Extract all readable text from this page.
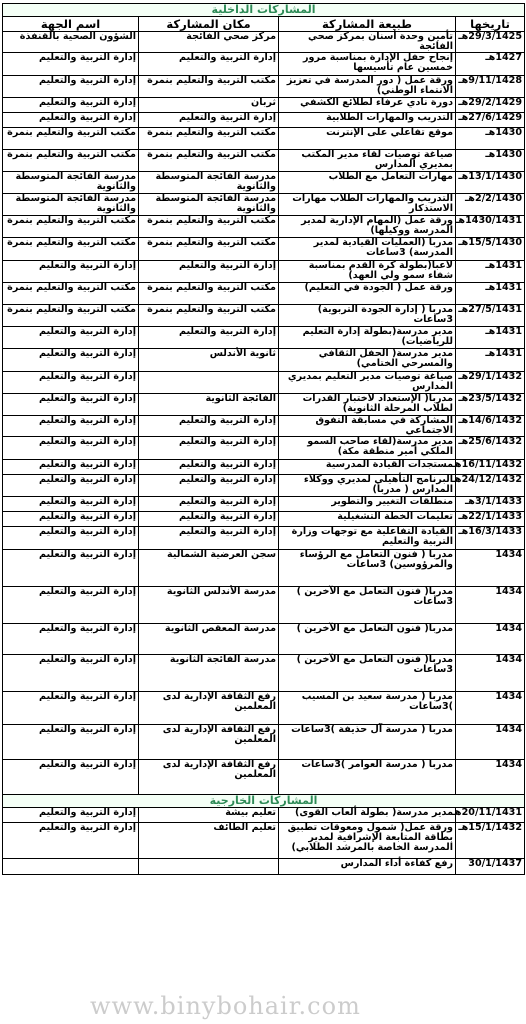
المشاركات الداخلية			
تاريخها	طبيعة المشاركة	مكان المشاركة	اسم الجهة
29/3/1425هـ	تأمين وحدة أسنان بمركز صحي الفائجة	مركز صحي الفائجة	الشؤون الصحية بالقنفذة
1427هـ	إنجاح حفل الإدارة بمناسبة مرور خمسين عام تأسيسها	إدارة التربية والتعليم	إدارة التربية والتعليم
9/11/1428هـ	ورقة عمل ( دور المدرسة في تعزيز الانتماء الوطني)	مكتب التربية والتعليم بنمرة	إدارة التربية والتعليم
29/2/1429هـ	دورة نادي عرفاء لطلائع الكشفي	ثربان	إدارة التربية والتعليم
27/6/1429هـ	التدريب والمهارات الطلابية	إدارة التربية والتعليم	إدارة التربية والتعليم
1430هـ	موقع تفاعلي على الإنترنت	مكتب التربية والتعليم بنمرة	مكتب التربية والتعليم بنمرة
1430هـ	صياغة توصيات لقاء مدير المكتب بمديري المدارس	مكتب التربية والتعليم بنمرة	مكتب التربية والتعليم بنمرة
13/1/1430هـ	مهارات التعامل مع الطلاب	مدرسة الفائجة المتوسطة والثانوية	مدرسة الفائجة المتوسطة والثانوية
2/2/1430هـ	التدريب والمهارات الطلاب مهارات الاستذكار	مدرسة الفائجة المتوسطة والثانوية	مدرسة الفائجة المتوسطة والثانوية
1430/1431هـ	ورقة عمل (المهام الإدارية لمدير المدرسة ووكيلها)	مكتب التربية والتعليم بنمرة	مكتب التربية والتعليم بنمرة
15/5/1430هـ	مدربا (العمليات القيادية لمدير المدرسة) 3ساعات	مكتب التربية والتعليم بنمرة	مكتب التربية والتعليم بنمرة
1431هـ	لاعبا(بطولة كرة القدم بمناسبة شفاء سمو ولي العهد)	إدارة التربية والتعليم	إدارة التربية والتعليم
1431هـ	ورقة عمل ( الجودة في التعليم)	مكتب التربية والتعليم بنمرة	مكتب التربية والتعليم بنمرة
27/5/1431هـ	مدربا ( إدارة الجودة التربوية) 3ساعات	مكتب التربية والتعليم بنمرة	مكتب التربية والتعليم بنمرة
1431هـ	مدير مدرسة(بطولة إدارة التعليم للرياضيات)	إدارة التربية والتعليم	إدارة التربية والتعليم
1431هـ	مدير مدرسة( الحفل الثقافي والمسرحي الختامي)	ثانوية الأندلس	إدارة التربية والتعليم
29/1/1432هـ	صياغة توصيات مدير التعليم بمديري المدارس		إدارة التربية والتعليم
23/5/1432هـ	مدربا( الإستعداد لاختبار القدرات لطلاب المرحلة الثانوية)	الفائجة الثانوية	إدارة التربية والتعليم
14/6/1432هـ	المشاركة في مسابقة التفوق الاجتماعي	إدارة التربية والتعليم	إدارة التربية والتعليم
25/6/1432هـ	مدير مدرسة(لقاء صاحب السمو الملكي أمير منطقة مكة)	إدارة التربية والتعليم	إدارة التربية والتعليم
16/11/1432هـ	مستجدات القيادة المدرسية	إدارة التربية والتعليم	إدارة التربية والتعليم
24/12/1432هـ	البرنامج التأهيلي لمديري ووكلاء المدارس ( مدربا)	إدارة التربية والتعليم	إدارة التربية والتعليم
3/1/1433هـ	منطلقات التغيير والتطوير	إدارة التربية والتعليم	إدارة التربية والتعليم
22/1/1433هـ	تعليمات الخطة التشغيلية	إدارة التربية والتعليم	إدارة التربية والتعليم
16/3/1433هـ	القيادة التفاعلية مع توجهات وزارة التربية والتعليم	إدارة التربية والتعليم	إدارة التربية والتعليم
1434	مدربا ( فنون التعامل مع الرؤساء والمرؤوسين) 3ساعات	سجن العرضية الشمالية	إدارة التربية والتعليم
1434	مدربا( فنون التعامل مع الآخرين ) 3ساعات	مدرسة الأندلس الثانوية	إدارة التربية والتعليم
1434	مدربا( فنون التعامل مع الآخرين )	مدرسة المعقص الثانوية	إدارة التربية والتعليم
1434	مدربا( فنون التعامل مع الآخرين ) 3ساعات	مدرسة الفائجة الثانوية	إدارة التربية والتعليم
1434	مدربا ( مدرسة سعيد بن المسيب )3ساعات	رفع الثقافة الإدارية لدى المعلمين	إدارة التربية والتعليم
1434	مدربا ( مدرسة آل حذيفة )3ساعات	رفع الثقافة الإدارية لدى المعلمين	إدارة التربية والتعليم
1434	مدربا ( مدرسة العوامر )3ساعات	رفع الثقافة الإدارية لدى المعلمين	إدارة التربية والتعليم
المشاركات الخارجية			
20/11/1431هـ	مدير مدرسة( بطولة ألعاب القوى)	تعليم بيشة	إدارة التربية والتعليم
15/1/1432هـ	ورقة عمل( شمول ومعوقات تطبيق بطاقة المتابعة الإشرافية لمدير المدرسة الخاصة بالمرشد الطلابي)	تعليم الطائف	إدارة التربية والتعليم
30/1/1437	رفع كفاءة أداء المدارس		
www.binybohair.com
